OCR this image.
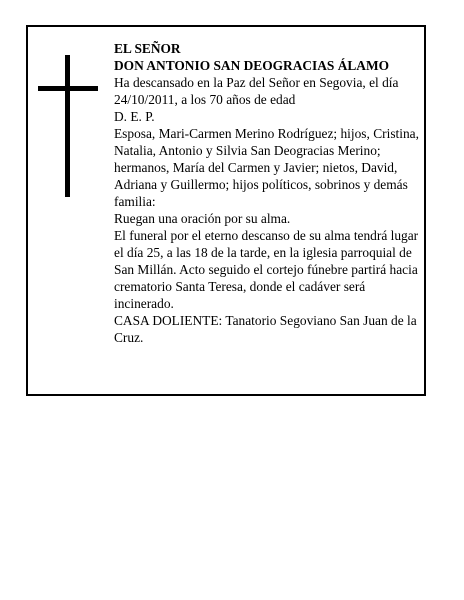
EL SEÑOR

DON ANTONIO SAN DEOGRACIAS ÁLAMO

Ha descansado en la Paz del Señor en Segovia, el día 24/10/2011, a los 70 años de edad

D. E. P.

Esposa, Mari-Carmen Merino Rodríguez; hijos, Cristina, Natalia, Antonio y Silvia San Deogracias Merino; hermanos, María del Carmen y Javier; nietos, David, Adriana y Guillermo; hijos políticos, sobrinos y demás familia:

Ruegan una oración por su alma.

El funeral por el eterno descanso de su alma tendrá lugar el día 25, a las 18 de la tarde, en la iglesia parroquial de San Millán. Acto seguido el cortejo fúnebre partirá hacia crematorio Santa Teresa, donde el cadáver será incinerado.

CASA DOLIENTE: Tanatorio Segoviano San Juan de la Cruz.
